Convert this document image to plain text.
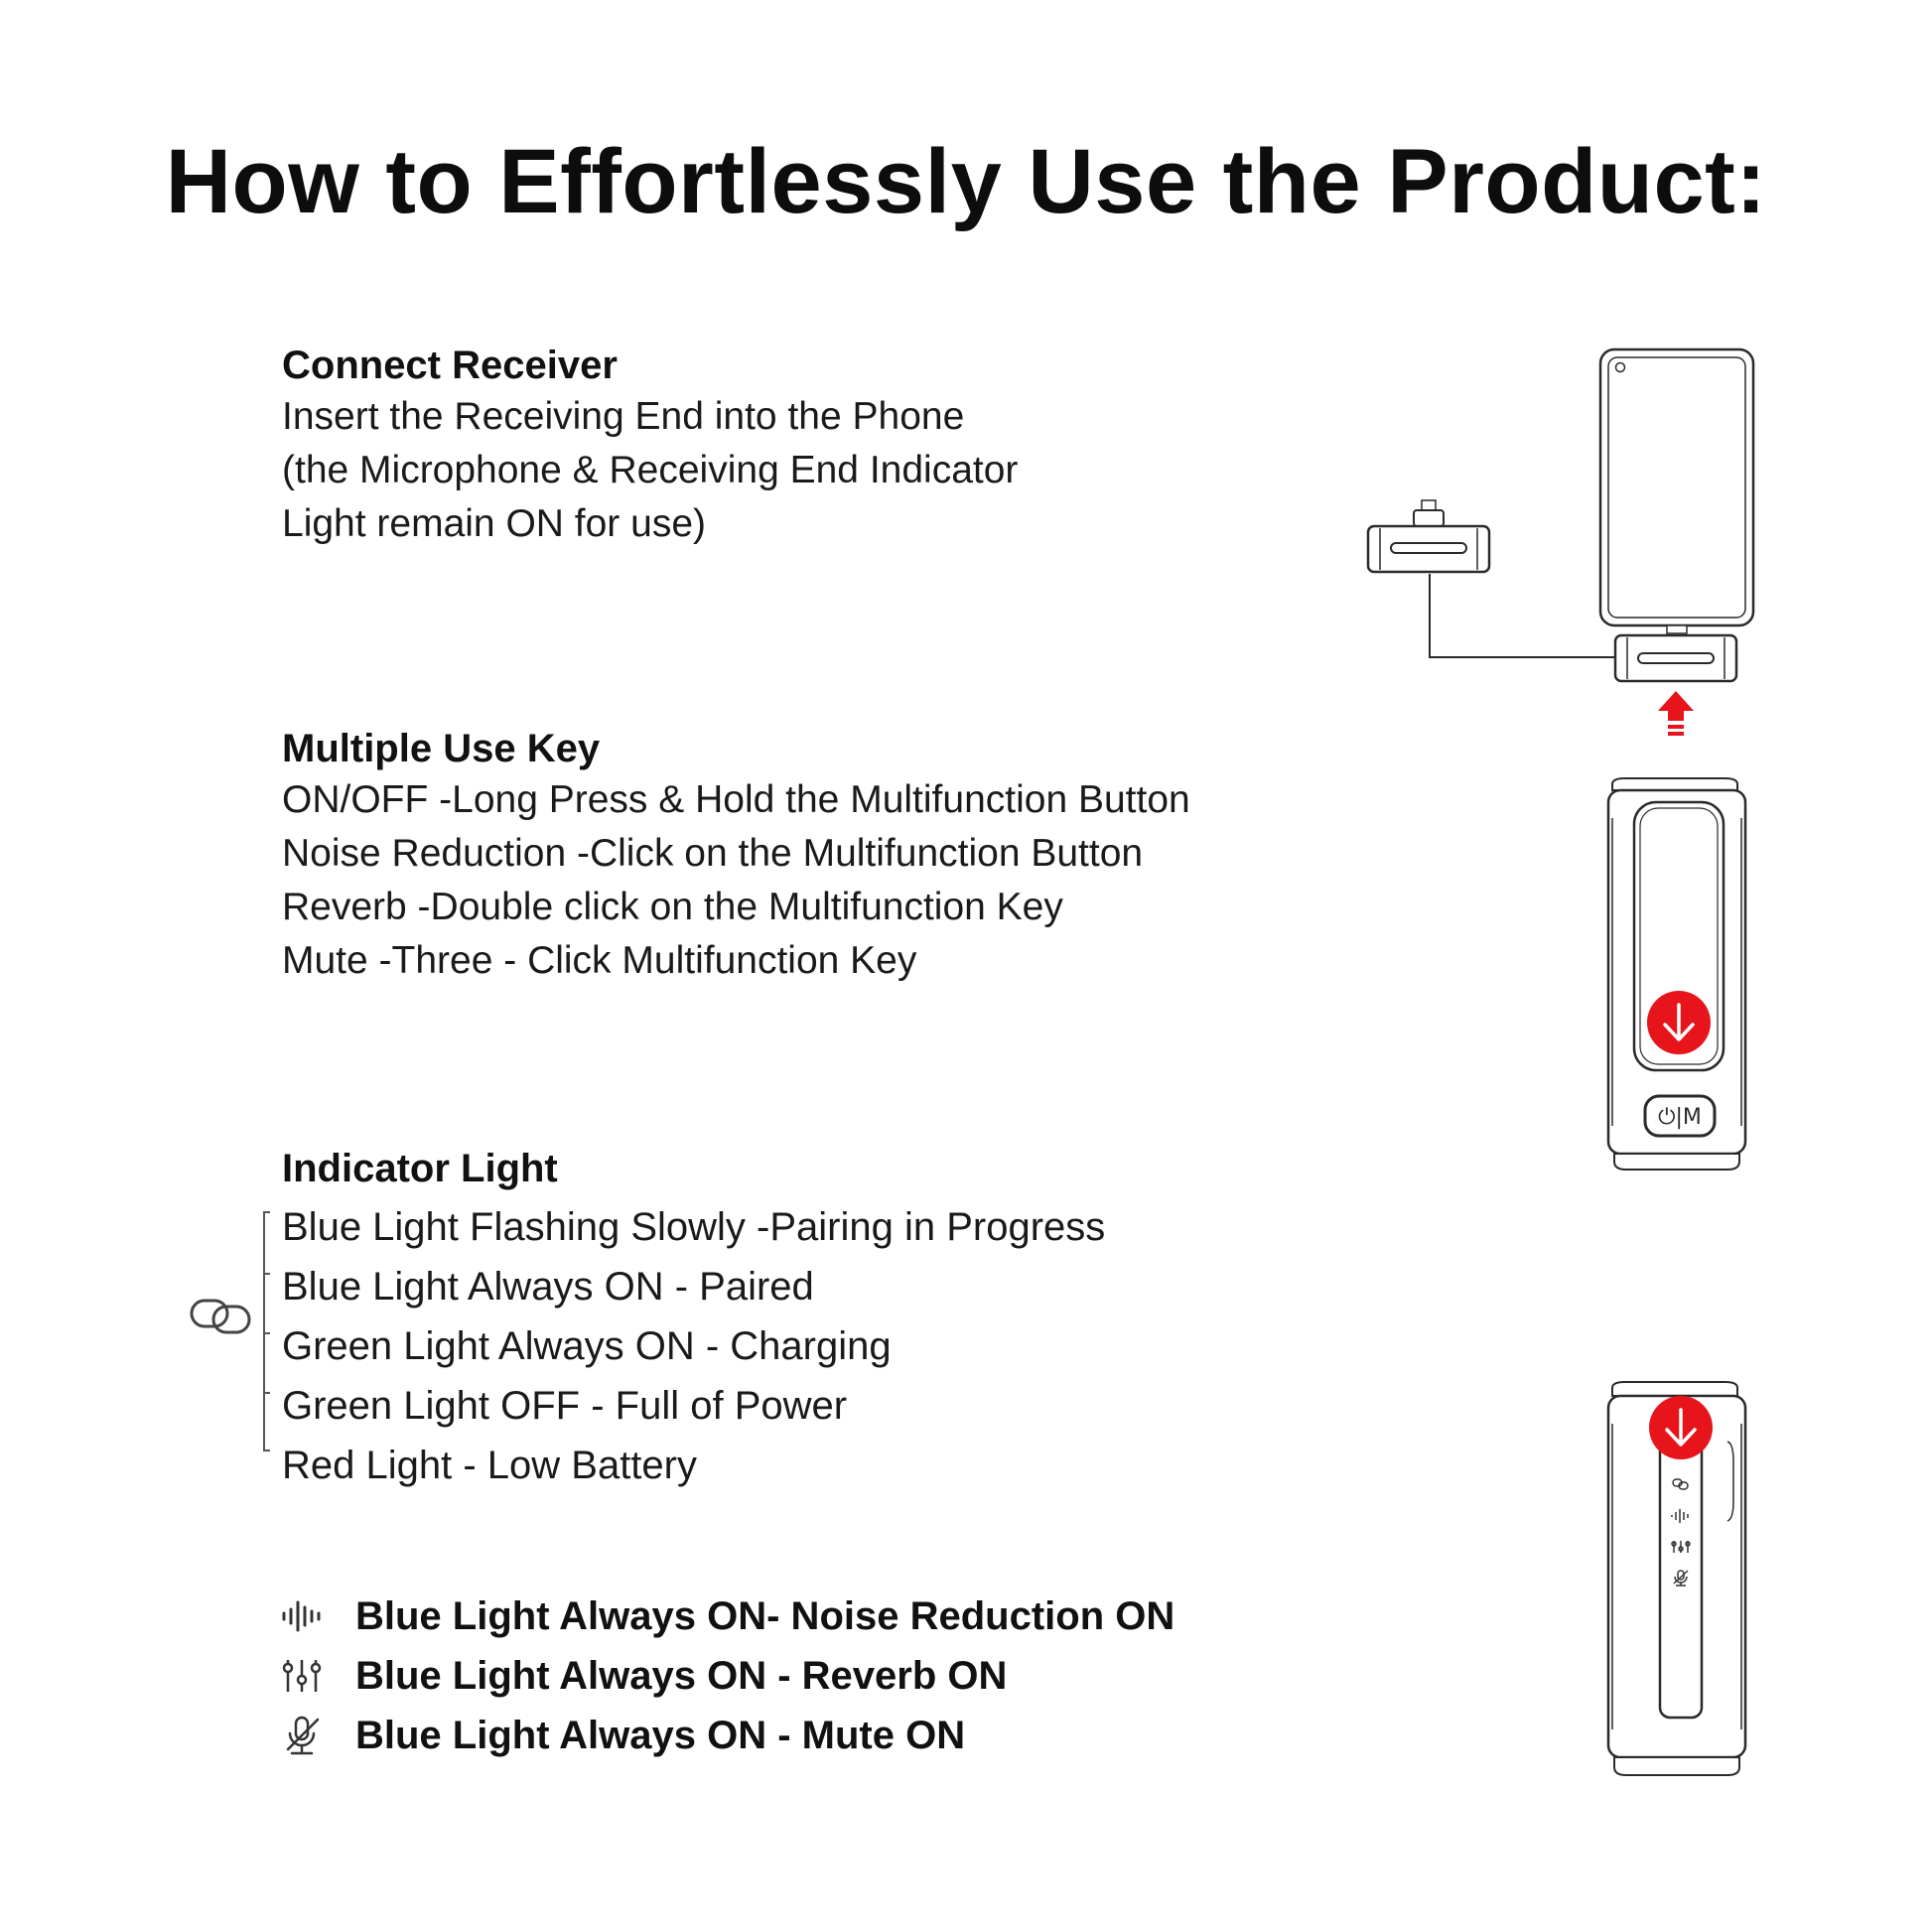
How to Effortlessly Use the Product:
Connect Receiver
Insert the Receiving End into the Phone
(the Microphone & Receiving End Indicator
Light remain ON for use)
Multiple Use Key
ON/OFF -Long Press & Hold the Multifunction Button
Noise Reduction -Click on the Multifunction Button
Reverb -Double click on the Multifunction Key
Mute -Three - Click Multifunction Key
Indicator Light
Blue Light Flashing Slowly -Pairing in Progress
Blue Light Always ON - Paired
Green Light Always ON - Charging
Green Light OFF - Full of Power
Red Light - Low Battery
Blue Light Always ON- Noise Reduction ON
Blue Light Always ON - Reverb ON
Blue Light Always ON - Mute ON
⏻|M
